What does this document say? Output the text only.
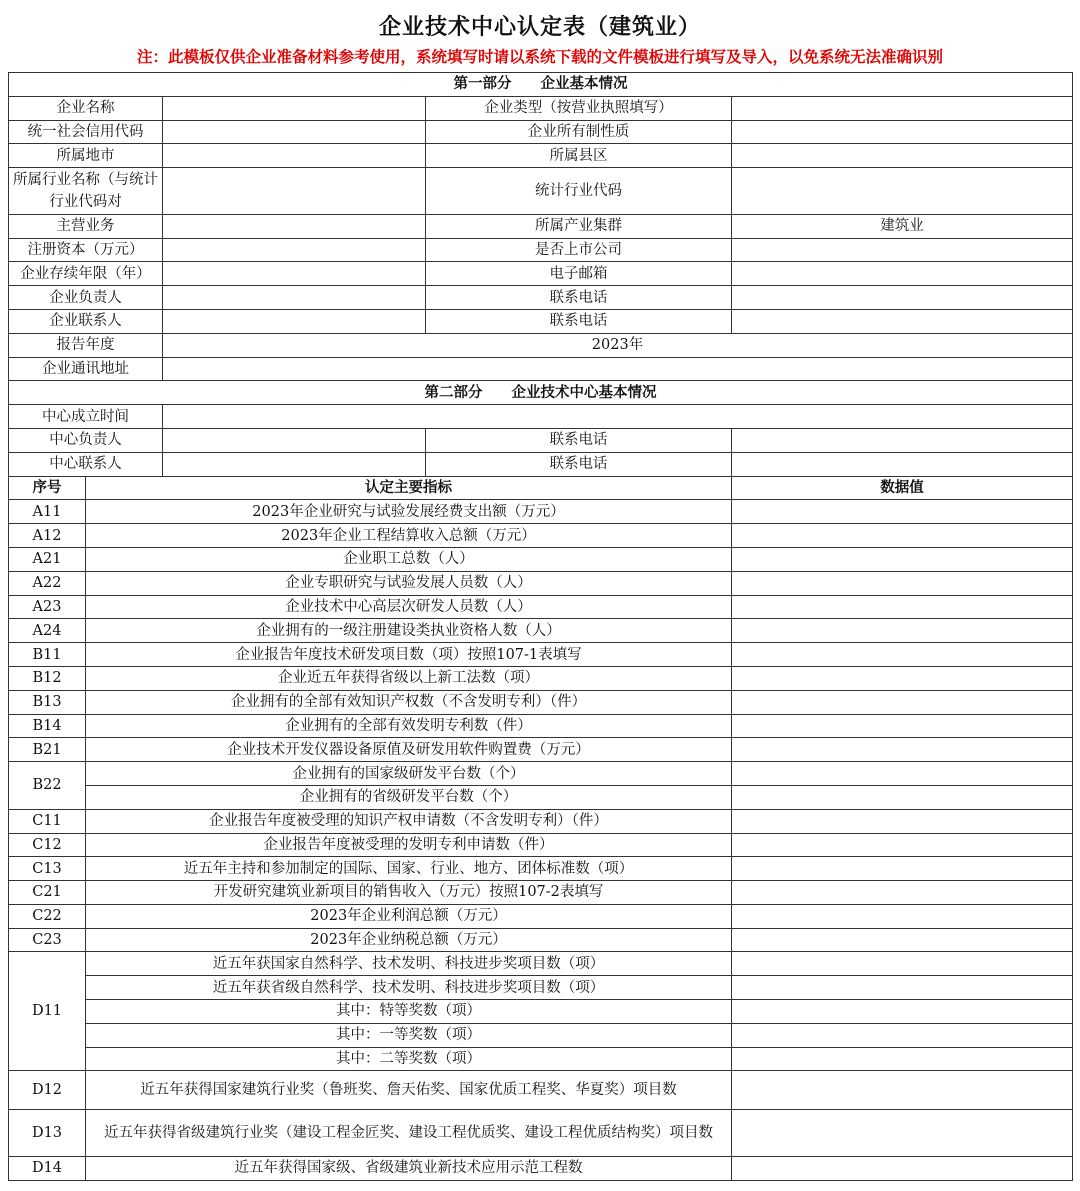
企业技术中心认定表（建筑业）
注：此模板仅供企业准备材料参考使用，系统填写时请以系统下载的文件模板进行填写及导入，以免系统无法准确识别
第一部分　　企业基本情况				
企业名称			企业类型（按营业执照填写）	
统一社会信用代码			企业所有制性质	
所属地市			所属县区	
所属行业名称（与统计行业代码对			统计行业代码	
主营业务			所属产业集群	建筑业
注册资本（万元）			是否上市公司	
企业存续年限（年）			电子邮箱	
企业负责人			联系电话	
企业联系人			联系电话	
报告年度		2023年		
企业通讯地址				
第二部分　　企业技术中心基本情况				
中心成立时间				
中心负责人			联系电话	
中心联系人			联系电话	
序号	认定主要指标			数据值
A11	2023年企业研究与试验发展经费支出额（万元）			
A12	2023年企业工程结算收入总额（万元）			
A21	企业职工总数（人）			
A22	企业专职研究与试验发展人员数（人）			
A23	企业技术中心高层次研发人员数（人）			
A24	企业拥有的一级注册建设类执业资格人数（人）			
B11	企业报告年度技术研发项目数（项）按照107-1表填写			
B12	企业近五年获得省级以上新工法数（项）			
B13	企业拥有的全部有效知识产权数（不含发明专利）（件）			
B14	企业拥有的全部有效发明专利数（件）			
B21	企业技术开发仪器设备原值及研发用软件购置费（万元）			
B22	企业拥有的国家级研发平台数（个）			
	企业拥有的省级研发平台数（个）			
C11	企业报告年度被受理的知识产权申请数（不含发明专利）（件）			
C12	企业报告年度被受理的发明专利申请数（件）			
C13	近五年主持和参加制定的国际、国家、行业、地方、团体标准数（项）			
C21	开发研究建筑业新项目的销售收入（万元）按照107-2表填写			
C22	2023年企业利润总额（万元）			
C23	2023年企业纳税总额（万元）			
D11	近五年获国家自然科学、技术发明、科技进步奖项目数（项）			
	近五年获省级自然科学、技术发明、科技进步奖项目数（项）			
	其中：特等奖数（项）			
	其中：一等奖数（项）			
	其中：二等奖数（项）			
D12	近五年获得国家建筑行业奖（鲁班奖、詹天佑奖、国家优质工程奖、华夏奖）项目数			
D13	近五年获得省级建筑行业奖（建设工程金匠奖、建设工程优质奖、建设工程优质结构奖）项目数			
D14	近五年获得国家级、省级建筑业新技术应用示范工程数			
